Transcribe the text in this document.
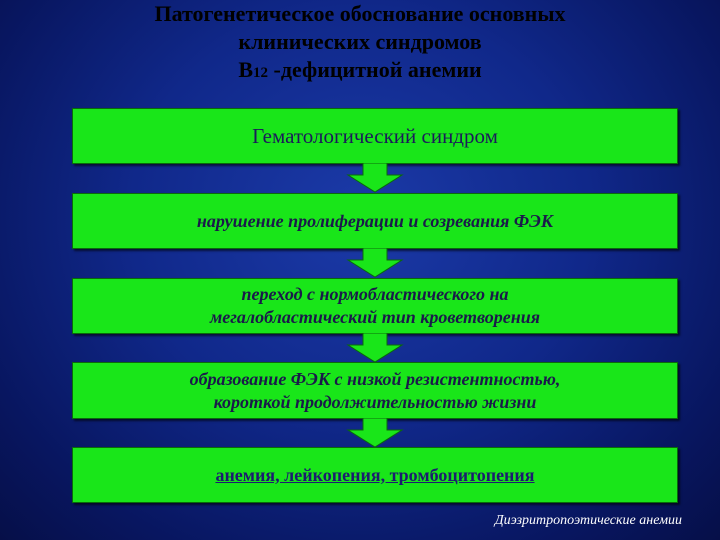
Патогенетическое обоснование основных
клинических синдромов
В12 -дефицитной анемии
Гематологический синдром
нарушение пролиферации и созревания ФЭК
переход с нормобластического на
мегалобластический тип кроветворения
образование ФЭК с низкой резистентностью,
короткой продолжительностью жизни
анемия, лейкопения, тромбоцитопения
Диэзритропоэтические анемии
